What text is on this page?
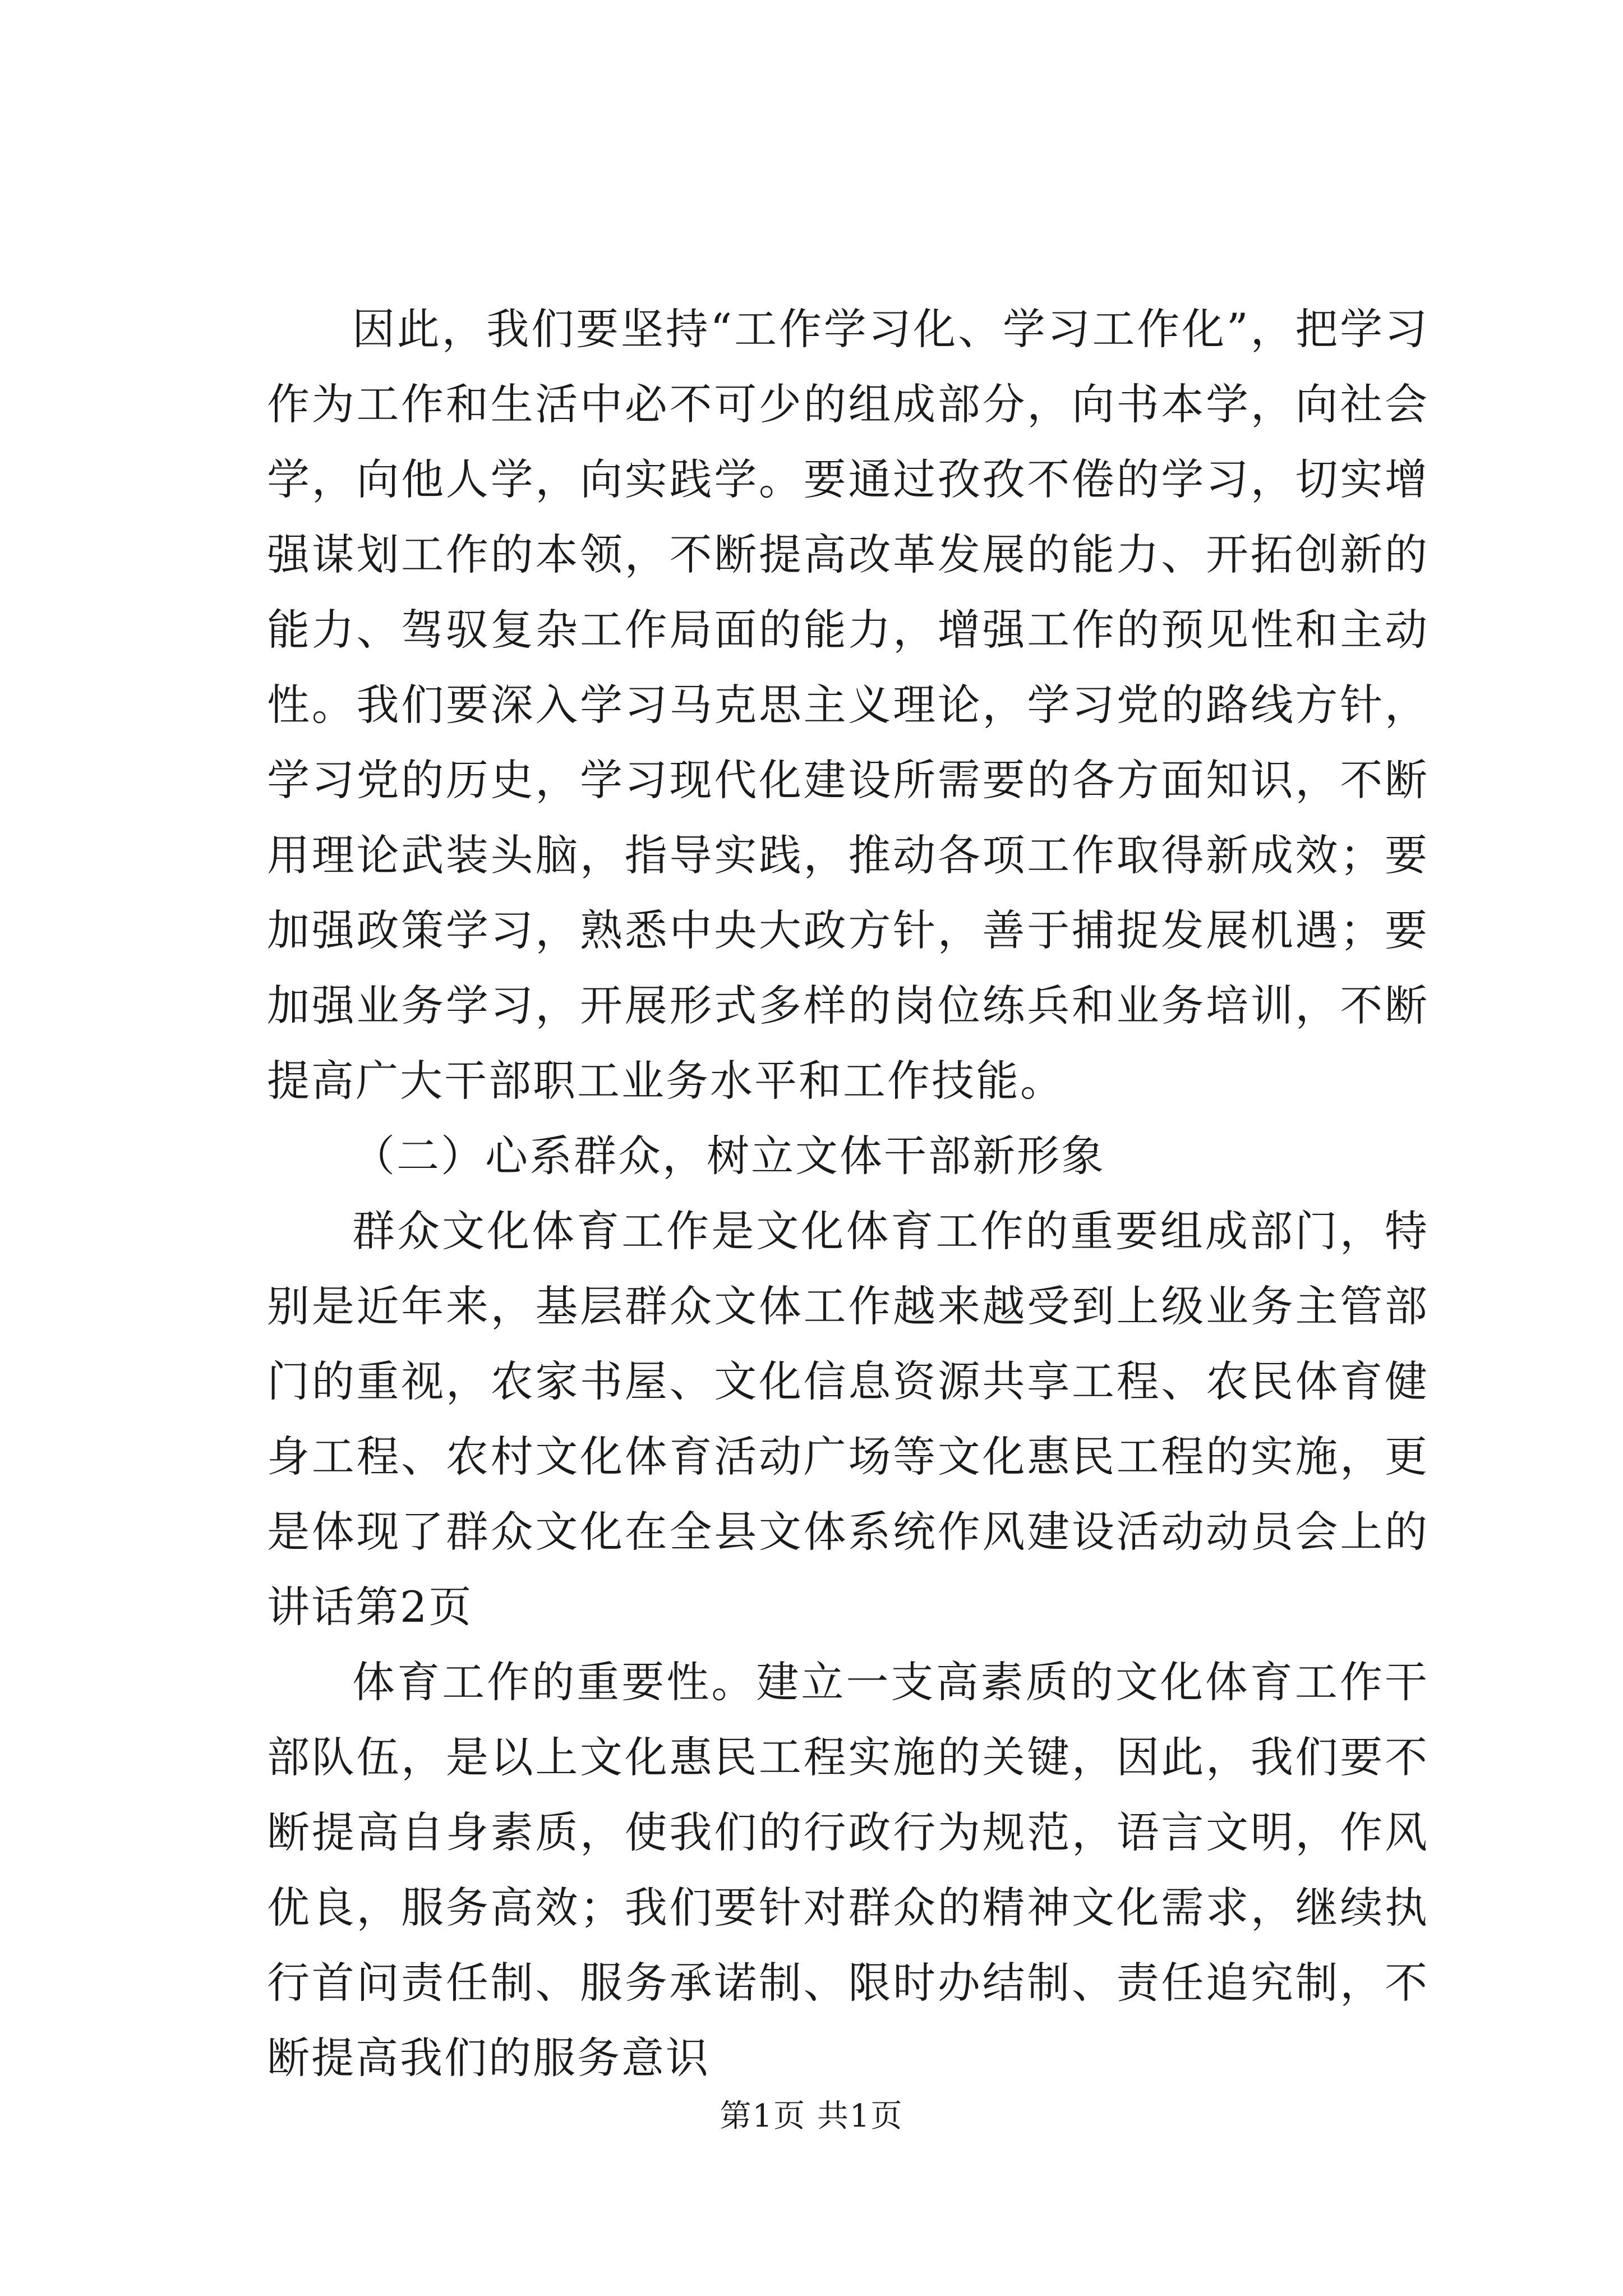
因此，我们要坚持“工作学习化、学习工作化”，把学习作为工作和生活中必不可少的组成部分，向书本学，向社会学，向他人学，向实践学。要通过孜孜不倦的学习，切实增强谋划工作的本领，不断提高改革发展的能力、开拓创新的能力、驾驭复杂工作局面的能力，增强工作的预见性和主动性。我们要深入学习马克思主义理论，学习党的路线方针，学习党的历史，学习现代化建设所需要的各方面知识，不断用理论武装头脑，指导实践，推动各项工作取得新成效；要加强政策学习，熟悉中央大政方针，善于捕捉发展机遇；要加强业务学习，开展形式多样的岗位练兵和业务培训，不断提高广大干部职工业务水平和工作技能。

（二）心系群众，树立文体干部新形象

群众文化体育工作是文化体育工作的重要组成部门，特别是近年来，基层群众文体工作越来越受到上级业务主管部门的重视，农家书屋、文化信息资源共享工程、农民体育健身工程、农村文化体育活动广场等文化惠民工程的实施，更是体现了群众文化在全县文体系统作风建设活动动员会上的讲话第2页

体育工作的重要性。建立一支高素质的文化体育工作干部队伍，是以上文化惠民工程实施的关键，因此，我们要不断提高自身素质，使我们的行政行为规范，语言文明，作风优良，服务高效；我们要针对群众的精神文化需求，继续执行首问责任制、服务承诺制、限时办结制、责任追究制，不断提高我们的服务意识

第1页 共1页
